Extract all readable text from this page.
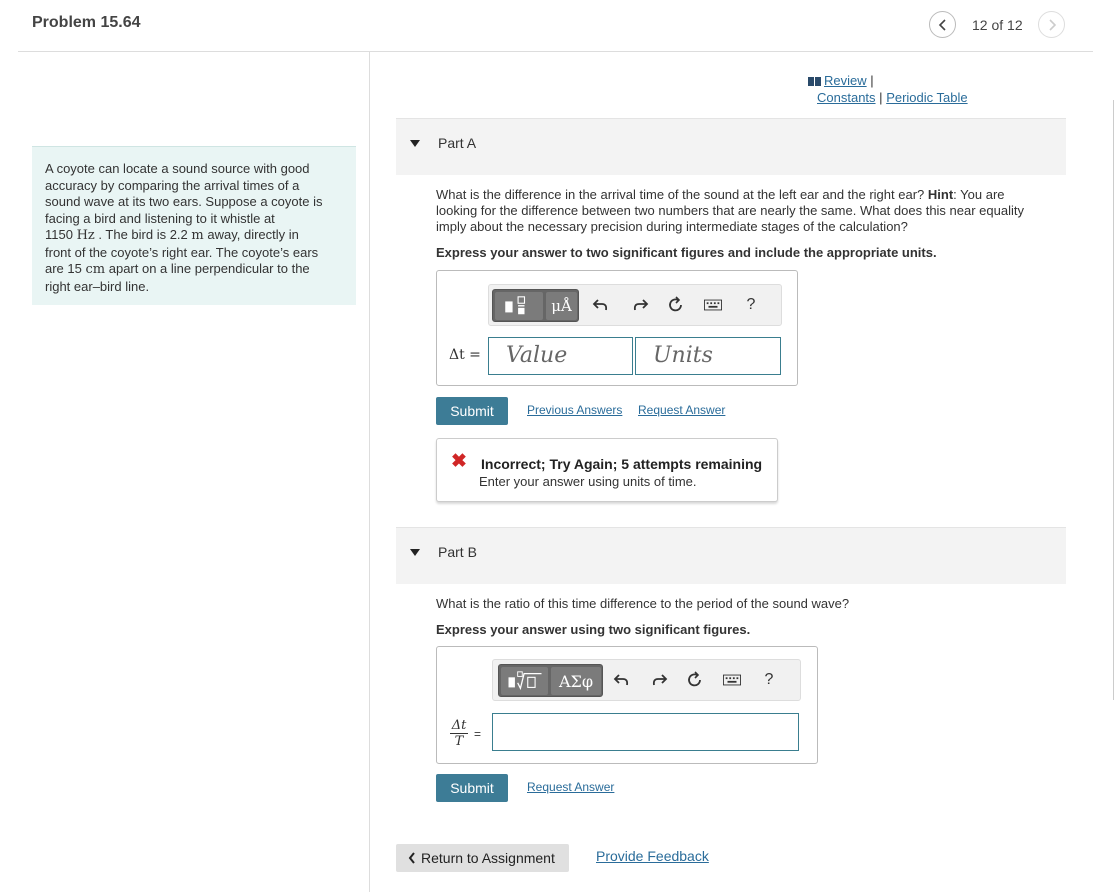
Problem 15.64	12 of 12
A coyote can locate a sound source with good
accuracy by comparing the arrival times of a
sound wave at its two ears. Suppose a coyote is
facing a bird and listening to it whistle at
1150 Hz . The bird is 2.2 m away, directly in
front of the coyote’s right ear. The coyote’s ears
are 15 cm apart on a line perpendicular to the
right ear–bird line.
Review |
Constants | Periodic Table
Part A
What is the difference in the arrival time of the sound at the left ear and the right ear? Hint: You are
looking for the difference between two numbers that are nearly the same. What does this near equality
imply about the necessary precision during intermediate stages of the calculation?
Express your answer to two significant figures and include the appropriate units.
μÅ	?
Δt =	Value	Units
Submit	Previous Answers Request Answer
✖ Incorrect; Try Again; 5 attempts remaining
Enter your answer using units of time.
Part B
What is the ratio of this time difference to the period of the sound wave?
Express your answer using two significant figures.
ΑΣφ	?
Δt
T =
Submit	Request Answer
Return to Assignment	Provide Feedback
